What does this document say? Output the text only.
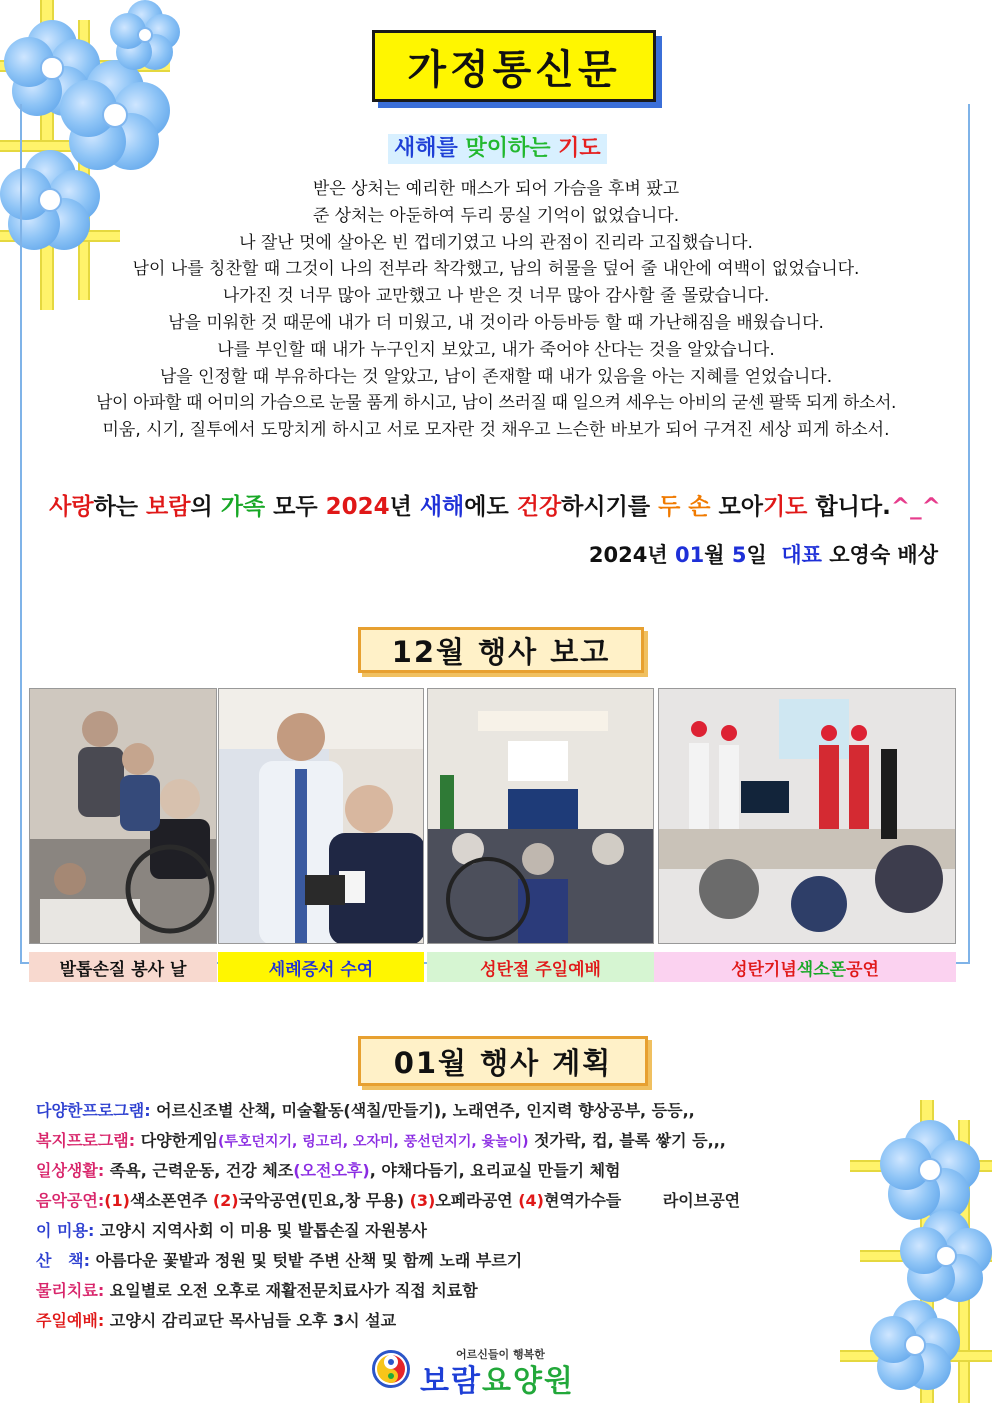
가정통신문
새해를 맞이하는 기도
받은 상처는 예리한 매스가 되어 가슴을 후벼 팠고
준 상처는 아둔하여 두리 뭉실 기억이 없었습니다.
나 잘난 멋에 살아온 빈 껍데기였고 나의 관점이 진리라 고집했습니다.
남이 나를 칭찬할 때 그것이 나의 전부라 착각했고, 남의 허물을 덮어 줄 내안에 여백이 없었습니다.
나가진 것 너무 많아 교만했고 나 받은 것 너무 많아 감사할 줄 몰랐습니다.
남을 미워한 것 때문에 내가 더 미웠고, 내 것이라 아등바등 할 때 가난해짐을 배웠습니다.
나를 부인할 때 내가 누구인지 보았고, 내가 죽어야 산다는 것을 알았습니다.
남을 인정할 때 부유하다는 것 알았고, 남이 존재할 때 내가 있음을 아는 지혜를 얻었습니다.
남이 아파할 때 어미의 가슴으로 눈물 품게 하시고, 남이 쓰러질 때 일으켜 세우는 아비의 굳센 팔뚝 되게 하소서.
미움, 시기, 질투에서 도망치게 하시고 서로 모자란 것 채우고 느슨한 바보가 되어 구겨진 세상 피게 하소서.
사랑하는 보람의 가족 모두 2024년 새해에도 건강하시기를 두 손 모아기도 합니다.^_^
2024년 01월 5일 대표 오영숙 배상
12월 행사 보고
발톱손질 봉사 날	세례증서 수여	성탄절 주일예배	성탄기념 색소폰 공연
01월 행사 계획
다양한프로그램: 어르신조별 산책, 미술활동(색칠/만들기), 노래연주, 인지력 향상공부, 등등,,
복지프로그램: 다양한게임(투호던지기, 링고리, 오자미, 풍선던지기, 윷놀이) 젓가락, 컵, 블록 쌓기 등,,,
일상생활: 족욕, 근력운동, 건강 체조(오전오후), 야채다듬기, 요리교실 만들기 체험
음악공연:(1)색소폰연주 (2)국악공연(민요,창 무용) (3)오페라공연 (4)현역가수들 라이브공연
이 미용: 고양시 지역사회 이 미용 및 발톱손질 자원봉사
산   책: 아름다운 꽃밭과 정원 및 텃밭 주변 산책 및 함께 노래 부르기
물리치료: 요일별로 오전 오후로 재활전문치료사가 직접 치료함
주일예배: 고양시 감리교단 목사님들 오후 3시 설교
어르신들이 행복한
보람요양원
